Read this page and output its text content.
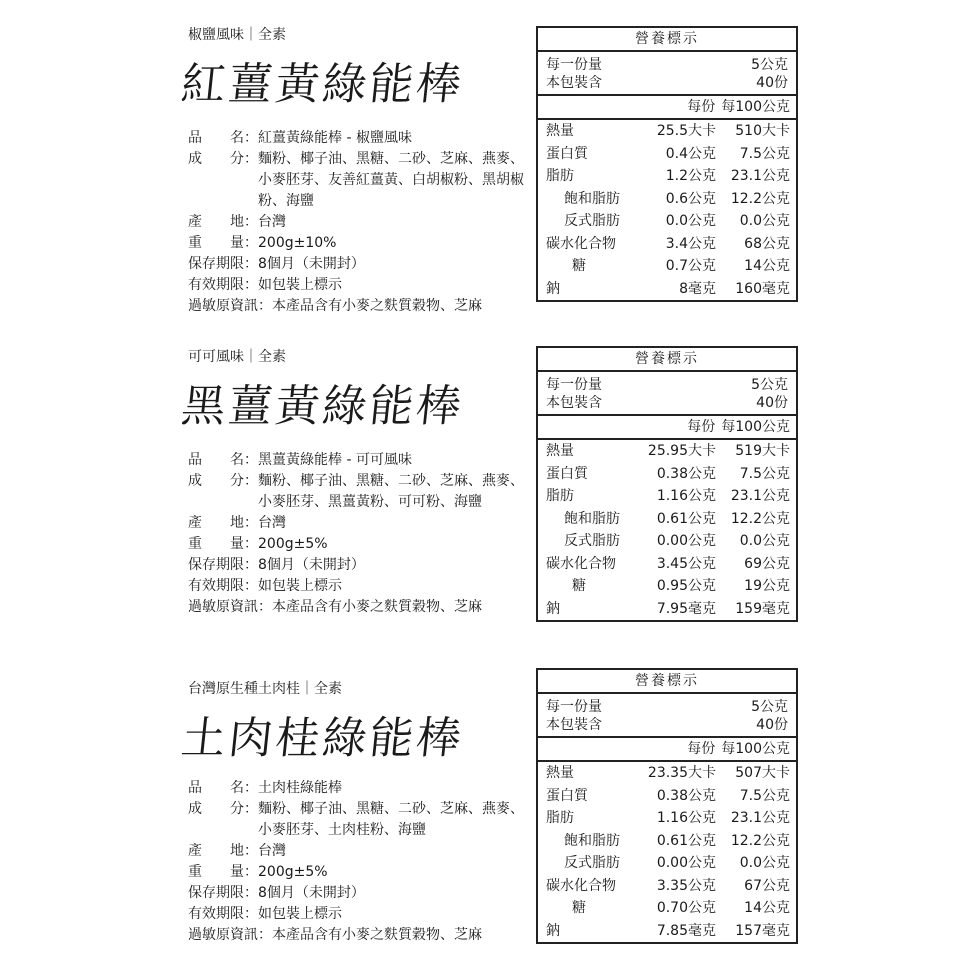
椒鹽風味｜全素
紅薑黃綠能棒
品　　名 ： 紅薑黃綠能棒 - 椒鹽風味
成　　分 ： 麵粉、椰子油、黑糖、二砂、芝麻、燕麥、小麥胚芽、友善紅薑黃、白胡椒粉、黑胡椒粉、海鹽
產　　地 ： 台灣
重　　量 ： 200g±10%
保存期限 ： 8個月（未開封）
有效期限 ： 如包裝上標示
過敏原資訊：本產品含有小麥之麩質穀物、芝麻
營養標示
每一份量	5公克
本包裝含	40份
每份 每100公克
熱量	25.5大卡	510大卡
蛋白質	0.4公克	7.5公克
脂肪	1.2公克	23.1公克
飽和脂肪	0.6公克	12.2公克
反式脂肪	0.0公克	0.0公克
碳水化合物	3.4公克	68公克
糖	0.7公克	14公克
鈉	8毫克	160毫克
可可風味｜全素
黑薑黃綠能棒
品　　名 ： 黑薑黃綠能棒 - 可可風味
成　　分 ： 麵粉、椰子油、黑糖、二砂、芝麻、燕麥、小麥胚芽、黑薑黃粉、可可粉、海鹽
產　　地 ： 台灣
重　　量 ： 200g±5%
保存期限 ： 8個月（未開封）
有效期限 ： 如包裝上標示
過敏原資訊：本產品含有小麥之麩質穀物、芝麻
營養標示
每一份量	5公克
本包裝含	40份
每份 每100公克
熱量	25.95大卡	519大卡
蛋白質	0.38公克	7.5公克
脂肪	1.16公克	23.1公克
飽和脂肪	0.61公克	12.2公克
反式脂肪	0.00公克	0.0公克
碳水化合物	3.45公克	69公克
糖	0.95公克	19公克
鈉	7.95毫克	159毫克
台灣原生種土肉桂｜全素
土肉桂綠能棒
品　　名 ： 土肉桂綠能棒
成　　分 ： 麵粉、椰子油、黑糖、二砂、芝麻、燕麥、小麥胚芽、土肉桂粉、海鹽
產　　地 ： 台灣
重　　量 ： 200g±5%
保存期限 ： 8個月（未開封）
有效期限 ： 如包裝上標示
過敏原資訊：本產品含有小麥之麩質穀物、芝麻
營養標示
每一份量	5公克
本包裝含	40份
每份 每100公克
熱量	23.35大卡	507大卡
蛋白質	0.38公克	7.5公克
脂肪	1.16公克	23.1公克
飽和脂肪	0.61公克	12.2公克
反式脂肪	0.00公克	0.0公克
碳水化合物	3.35公克	67公克
糖	0.70公克	14公克
鈉	7.85毫克	157毫克
